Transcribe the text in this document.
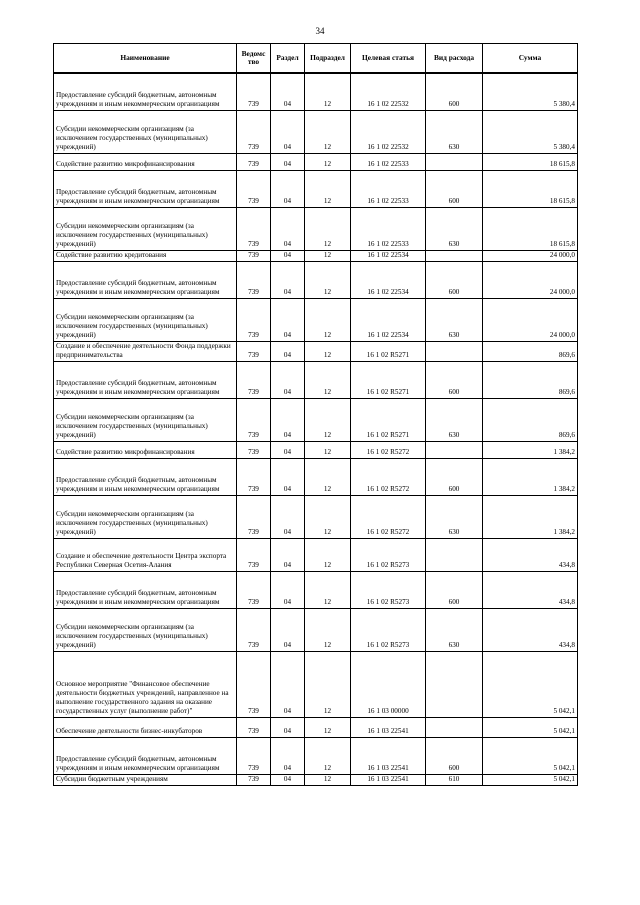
34
Наименование	Ведомс тво	Раздел	Подраздел	Целевая статья	Вид расхода	Сумма
Предоставление субсидий бюджетным, автономным учреждениям и иным некоммерческим организациям	739	04	12	16 1 02 22532	600	5 380,4
Субсидии некоммерческим организациям (за исключением государственных (муниципальных) учреждений)	739	04	12	16 1 02 22532	630	5 380,4
Содействие развитию микрофинансирования	739	04	12	16 1 02 22533		18 615,8
Предоставление субсидий бюджетным, автономным учреждениям и иным некоммерческим организациям	739	04	12	16 1 02 22533	600	18 615,8
Субсидии некоммерческим организациям (за исключением государственных (муниципальных) учреждений)	739	04	12	16 1 02 22533	630	18 615,8
Содействие развитию кредитования	739	04	12	16 1 02 22534		24 000,0
Предоставление субсидий бюджетным, автономным учреждениям и иным некоммерческим организациям	739	04	12	16 1 02 22534	600	24 000,0
Субсидии некоммерческим организациям (за исключением государственных (муниципальных) учреждений)	739	04	12	16 1 02 22534	630	24 000,0
Создание и обеспечение деятельности Фонда поддержки предпринимательства	739	04	12	16 1 02 R5271		869,6
Предоставление субсидий бюджетным, автономным учреждениям и иным некоммерческим организациям	739	04	12	16 1 02 R5271	600	869,6
Субсидии некоммерческим организациям (за исключением государственных (муниципальных) учреждений)	739	04	12	16 1 02 R5271	630	869,6
Содействие развитию микрофинансирования	739	04	12	16 1 02 R5272		1 384,2
Предоставление субсидий бюджетным, автономным учреждениям и иным некоммерческим организациям	739	04	12	16 1 02 R5272	600	1 384,2
Субсидии некоммерческим организациям (за исключением государственных (муниципальных) учреждений)	739	04	12	16 1 02 R5272	630	1 384,2
Создание и обеспечение деятельности Центра экспорта Республики Северная Осетия-Алания	739	04	12	16 1 02 R5273		434,8
Предоставление субсидий бюджетным, автономным учреждениям и иным некоммерческим организациям	739	04	12	16 1 02 R5273	600	434,8
Субсидии некоммерческим организациям (за исключением государственных (муниципальных) учреждений)	739	04	12	16 1 02 R5273	630	434,8
Основное мероприятие "Финансовое обеспечение деятельности бюджетных учреждений, направленное на выполнение государственного задания на оказание государственных услуг (выполнение работ)"	739	04	12	16 1 03 00000		5 042,1
Обеспечение деятельности бизнес-инкубаторов	739	04	12	16 1 03 22541		5 042,1
Предоставление субсидий бюджетным, автономным учреждениям и иным некоммерческим организациям	739	04	12	16 1 03 22541	600	5 042,1
Субсидии бюджетным учреждениям	739	04	12	16 1 03 22541	610	5 042,1
